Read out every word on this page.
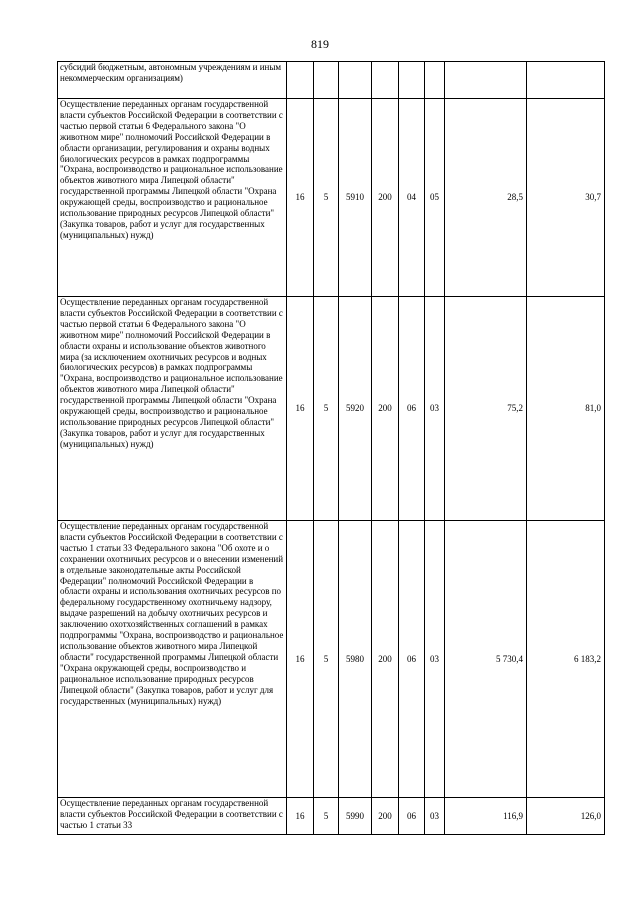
819
субсидий бюджетным, автономным учреждениям и иным некоммерческим организациям)								
Осуществление переданных органам государственной власти субъектов Российской Федерации в соответствии с частью первой статьи 6 Федерального закона "О животном мире" полномочий Российской Федерации в области организации, регулирования и охраны водных биологических ресурсов в рамках подпрограммы "Охрана, воспроизводство и рациональное использование объектов животного мира Липецкой области" государственной программы Липецкой области "Охрана окружающей среды, воспроизводство и рациональное использование природных ресурсов Липецкой области" (Закупка товаров, работ и услуг для государственных (муниципальных) нужд)	16	5	5910	200	04	05	28,5	30,7
Осуществление переданных органам государственной власти субъектов Российской Федерации в соответствии с частью первой статьи 6 Федерального закона "О животном мире" полномочий Российской Федерации в области охраны и использование объектов животного мира (за исключением охотничьих ресурсов и водных биологических ресурсов) в рамках подпрограммы "Охрана, воспроизводство и рациональное использование объектов животного мира Липецкой области" государственной программы Липецкой области "Охрана окружающей среды, воспроизводство и рациональное использование природных ресурсов Липецкой области" (Закупка товаров, работ и услуг для государственных (муниципальных) нужд)	16	5	5920	200	06	03	75,2	81,0
Осуществление переданных органам государственной власти субъектов Российской Федерации в соответствии с частью 1 статьи 33 Федерального закона "Об охоте и о сохранении охотничьих ресурсов и о внесении изменений в отдельные законодательные акты Российской Федерации" полномочий Российской Федерации в области охраны и использования охотничьих ресурсов по федеральному государственному охотничьему надзору, выдаче разрешений на добычу охотничьих ресурсов и заключению охотхозяйственных соглашений в рамках подпрограммы "Охрана, воспроизводство и рациональное использование объектов животного мира Липецкой области" государственной программы Липецкой области "Охрана окружающей среды, воспроизводство и рациональное использование природных ресурсов Липецкой области" (Закупка товаров, работ и услуг для государственных (муниципальных) нужд)	16	5	5980	200	06	03	5 730,4	6 183,2
Осуществление переданных органам государственной власти субъектов Российской Федерации в соответствии с частью 1 статьи 33	16	5	5990	200	06	03	116,9	126,0
